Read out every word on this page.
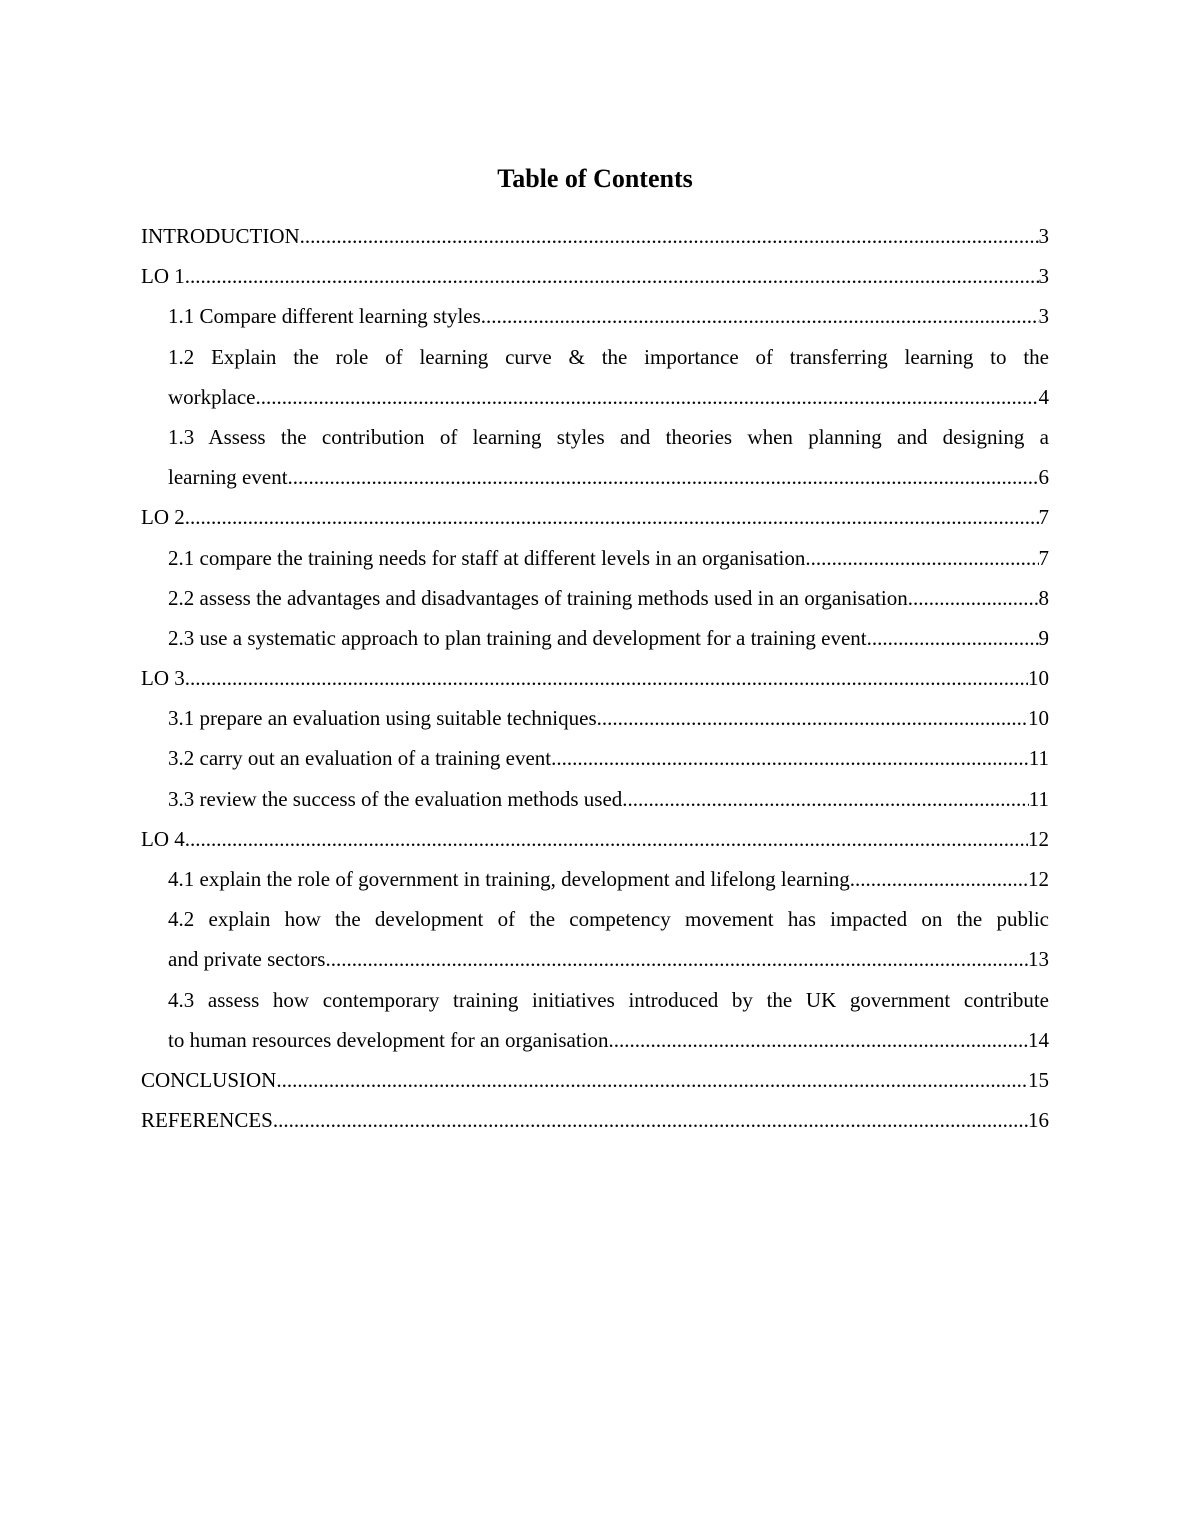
Table of Contents
INTRODUCTION .....	3
LO 1 .....	3
1.1 Compare different learning styles .....	3
1.2 Explain the role of learning curve & the importance of transferring learning to the
workplace .....	4
1.3 Assess the contribution of learning styles and theories when planning and designing a
learning event .....	6
LO 2 .....	7
2.1 compare the training needs for staff at different levels in an organisation .....	7
2.2 assess the advantages and disadvantages of training methods used in an organisation .....	8
2.3 use a systematic approach to plan training and development for a training event .....	9
LO 3 .....	10
3.1 prepare an evaluation using suitable techniques .....	10
3.2 carry out an evaluation of a training event .....	11
3.3 review the success of the evaluation methods used .....	11
LO 4 .....	12
4.1 explain the role of government in training, development and lifelong learning .....	12
4.2 explain how the development of the competency movement has impacted on the public
and private sectors .....	13
4.3 assess how contemporary training initiatives introduced by the UK government contribute
to human resources development for an organisation .....	14
CONCLUSION .....	15
REFERENCES .....	16
